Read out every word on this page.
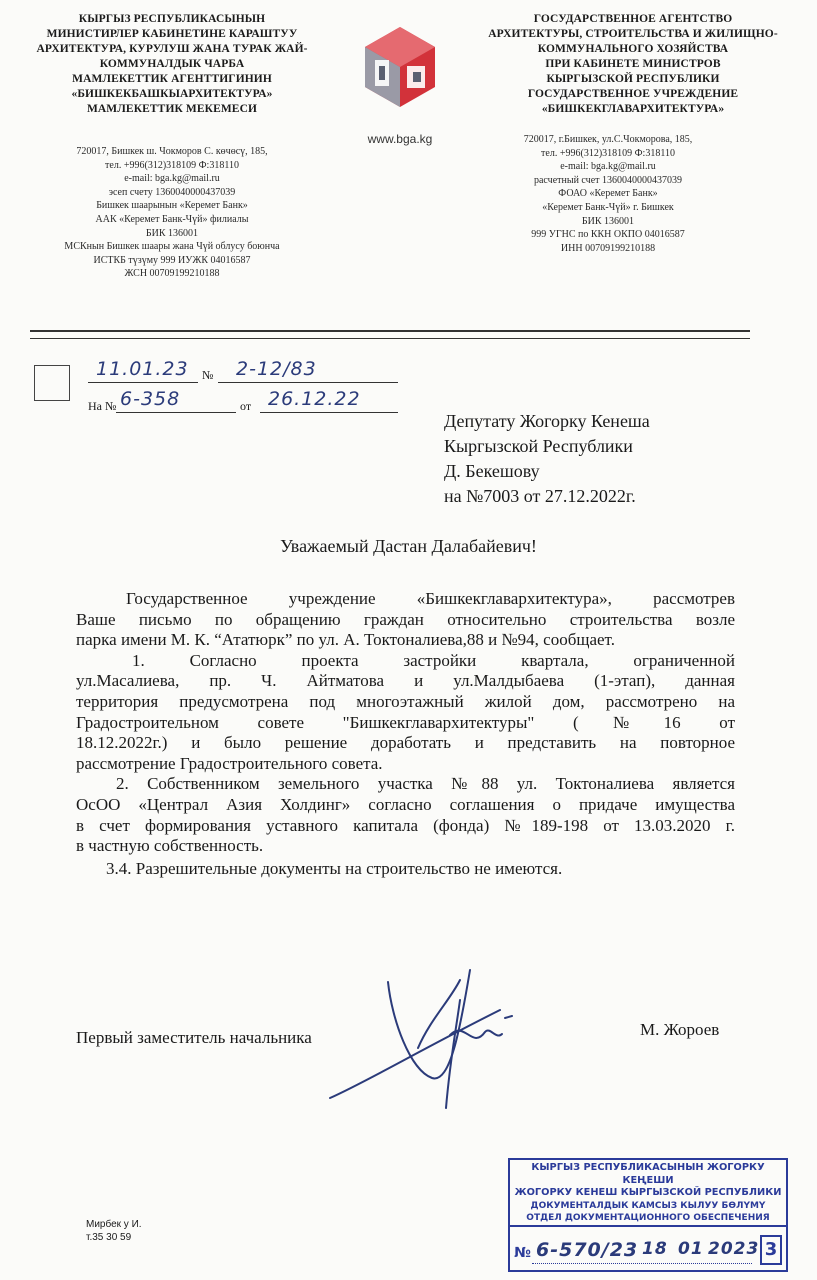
КЫРГЫЗ РЕСПУБЛИКАСЫНЫН
МИНИСТИРЛЕР КАБИНЕТИНЕ КАРАШТУУ
АРХИТЕКТУРА, КУРУЛУШ ЖАНА ТУРАК ЖАЙ-
КОММУНАЛДЫК ЧАРБА
МАМЛЕКЕТТИК АГЕНТТИГИНИН
«БИШКЕКБАШКЫАРХИТЕКТУРА»
МАМЛЕКЕТТИК МЕКЕМЕСИ
720017, Бишкек ш. Чокморов С. көчөсү, 185,
тел. +996(312)318109 Ф:318110
e-mail: bga.kg@mail.ru
эсеп счету 1360040000437039
Бишкек шаарынын «Керемет Банк»
ААК «Керемет Банк-Чүй» филиалы
БИК 136001
МСКнын Бишкек шаары жана Чүй облусу боюнча
ИСТКБ түзүму 999 ИУЖК 04016587
ЖСН 00709199210188
www.bga.kg
ГОСУДАРСТВЕННОЕ АГЕНТСТВО
АРХИТЕКТУРЫ, СТРОИТЕЛЬСТВА И ЖИЛИЩНО-
КОММУНАЛЬНОГО ХОЗЯЙСТВА
ПРИ КАБИНЕТЕ МИНИСТРОВ
КЫРГЫЗСКОЙ РЕСПУБЛИКИ
ГОСУДАРСТВЕННОЕ УЧРЕЖДЕНИЕ
«БИШКЕКГЛАВАРХИТЕКТУРА»
720017, г.Бишкек, ул.С.Чокморова, 185,
тел. +996(312)318109 Ф:318110
e-mail: bga.kg@mail.ru
расчетный счет 1360040000437039
ФОАО «Керемет Банк»
«Керемет Банк-Чүй» г. Бишкек
БИК 136001
999 УГНС по ККН ОКПО 04016587
ИНН 00709199210188
11.01.23 № 2-12/83
На № 6-358	от 26.12.22
Депутату Жогорку Кенеша
Кыргызской Республики
Д. Бекешову
на №7003 от 27.12.2022г.
Уважаемый Дастан Далабайевич!
Государственное учреждение «Бишкекглавархитектура», рассмотрев
Ваше письмо по обращению граждан относительно строительства возле
парка имени М. К. “Ататюрк” по ул. А. Токтоналиева,88 и №94, сообщает.
1. Согласно проекта застройки квартала, ограниченной
ул.Масалиева, пр. Ч. Айтматова и ул.Малдыбаева (1-этап), данная
территория предусмотрена под многоэтажный жилой дом, рассмотрено на
Градостроительном совете "Бишкекглавархитектуры" (№16 от
18.12.2022г.) и было решение доработать и представить на повторное
рассмотрение Градостроительного совета.
2. Собственником земельного участка №88 ул. Токтоналиева является
ОсОО «Централ Азия Холдинг» согласно соглашения о придаче имущества
в счет формирования уставного капитала (фонда) №189-198 от 13.03.2020 г.
в частную собственность.
3.4. Разрешительные документы на строительство не имеются.
Первый заместитель начальника	М. Жороев
Мирбек у И.
т.35 30 59
КЫРГЫЗ РЕСПУБЛИКАСЫНЫН ЖОГОРКУ КЕҢЕШИ
ЖОГОРКУ КЕНЕШ КЫРГЫЗСКОЙ РЕСПУБЛИКИ
ДОКУМЕНТАЛДЫК КАМСЫЗ КЫЛУУ БӨЛҮМҮ
ОТДЕЛ ДОКУМЕНТАЦИОННОГО ОБЕСПЕЧЕНИЯ
№ 6-570/23 18 01 2023 3
